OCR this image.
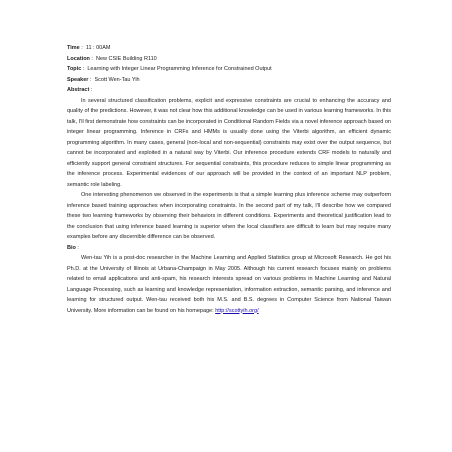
Time : 11 : 00AM
Location : New CSIE Building R110
Topic : Learning with Integer Linear Programming Inference for Constrained Output
Speaker : Scott Wen-Tau Yih
Abstract :

In several structured classification problems, explicit and expressive constraints are crucial to enhancing the accuracy and quality of the predictions. However, it was not clear how this additional knowledge can be used in various learning frameworks. In this talk, I'll first demonstrate how constraints can be incorporated in Conditional Random Fields via a novel inference approach based on integer linear programming. Inference in CRFs and HMMs is usually done using the Viterbi algorithm, an efficient dynamic programming algorithm. In many cases, general (non-local and non-sequential) constraints may exist over the output sequence, but cannot be incorporated and exploited in a natural way by Viterbi. Our inference procedure extends CRF models to naturally and efficiently support general constraint structures. For sequential constraints, this procedure reduces to simple linear programming as the inference process. Experimental evidences of our approach will be provided in the context of an important NLP problem, semantic role labeling.

One interesting phenomenon we observed in the experiments is that a simple learning plus inference scheme may outperform inference based training approaches when incorporating constraints. In the second part of my talk, I'll describe how we compared these two learning frameworks by observing their behaviors in different conditions. Experiments and theoretical justification lead to the conclusion that using inference based learning is superior when the local classifiers are difficult to learn but may require many examples before any discernible difference can be observed.

Bio :

Wen-tau Yih is a post-doc researcher in the Machine Learning and Applied Statistics group at Microsoft Research. He got his Ph.D. at the University of Illinois at Urbana-Champaign in May 2005. Although his current research focuses mainly on problems related to email applications and anti-spam, his research interests spread on various problems in Machine Learning and Natural Language Processing, such as learning and knowledge representation, information extraction, semantic parsing, and inference and learning for structured output. Wen-tau received both his M.S. and B.S. degrees in Computer Science from National Taiwan University. More information can be found on his homepage: http://scottyih.org/
